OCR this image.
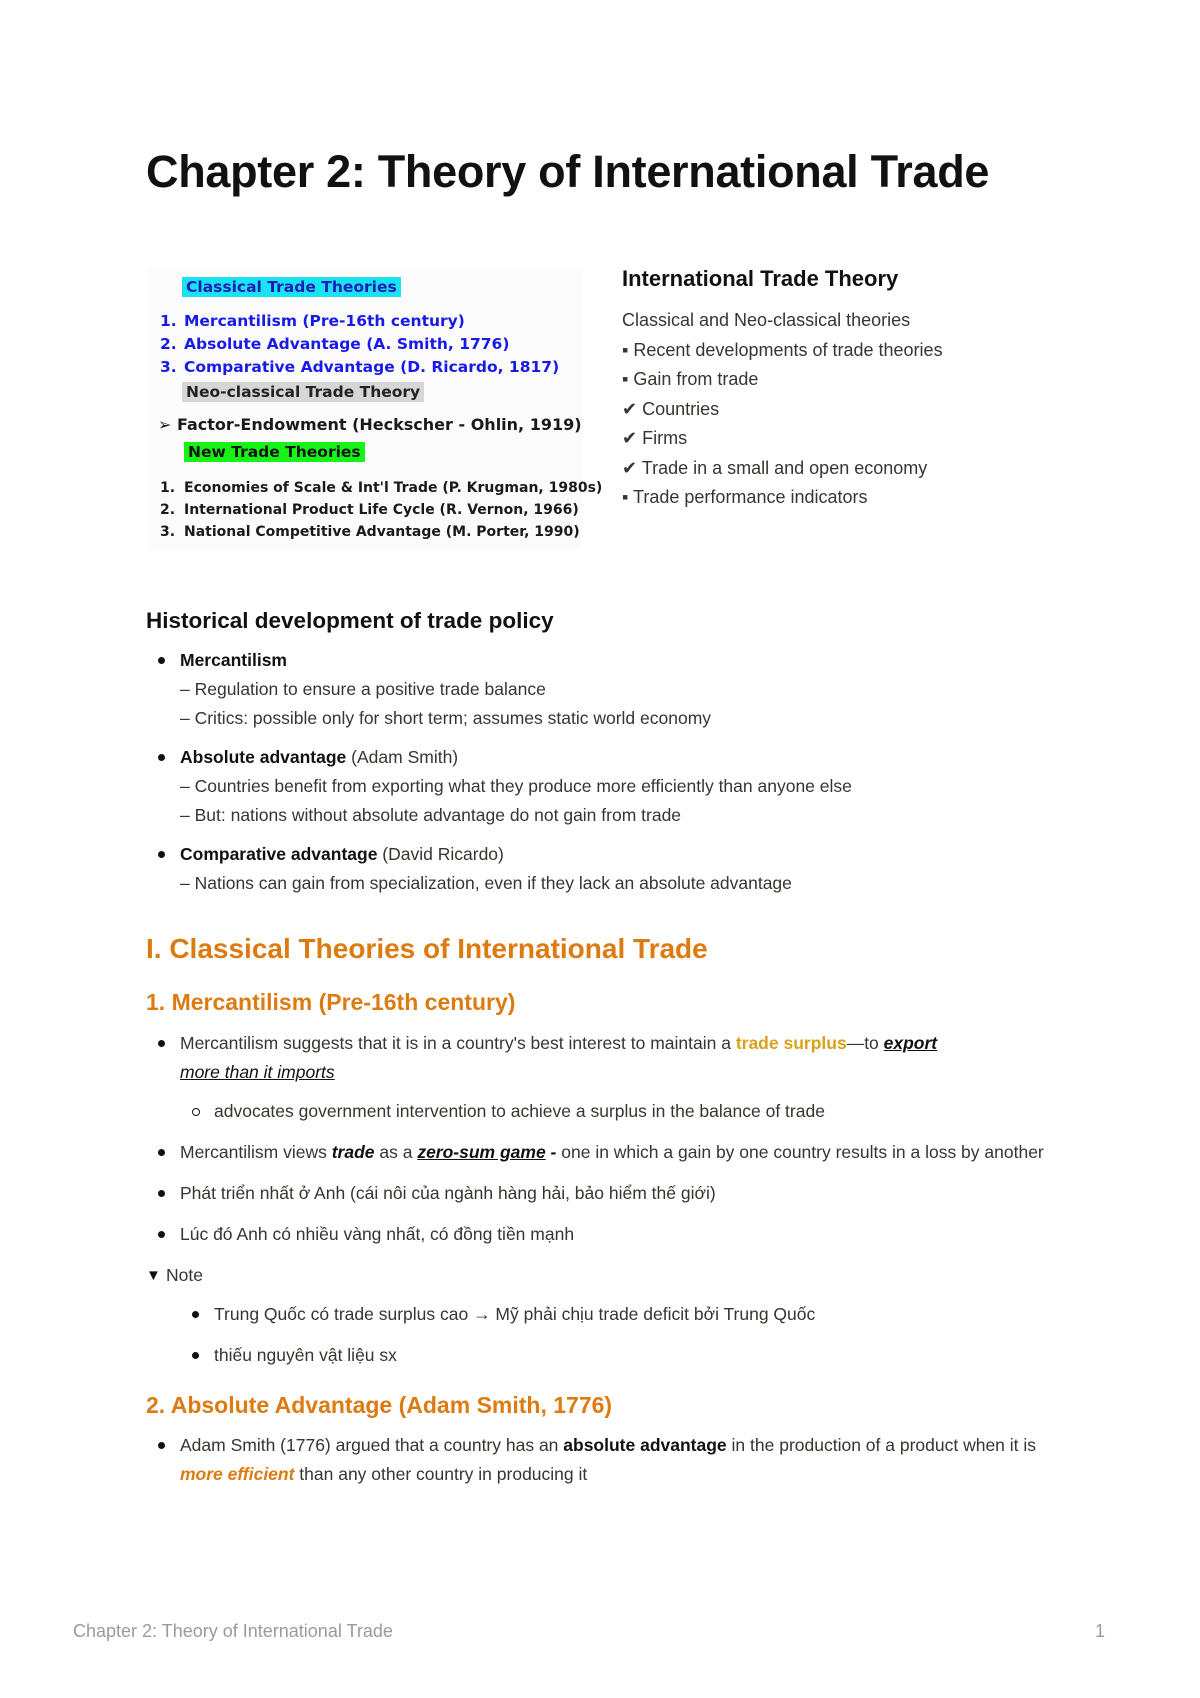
Chapter 2: Theory of International Trade
Classical Trade Theories
1. Mercantilism (Pre-16th century)
2. Absolute Advantage (A. Smith, 1776)
3. Comparative Advantage (D. Ricardo, 1817)
Neo-classical Trade Theory
➢ Factor-Endowment (Heckscher - Ohlin, 1919)
New Trade Theories
1. Economies of Scale & Int'l Trade (P. Krugman, 1980s)
2. International Product Life Cycle (R. Vernon, 1966)
3. National Competitive Advantage (M. Porter, 1990)
International Trade Theory
Classical and Neo-classical theories
▪ Recent developments of trade theories
▪ Gain from trade
✔ Countries
✔ Firms
✔ Trade in a small and open economy
▪ Trade performance indicators
Historical development of trade policy
Mercantilism
– Regulation to ensure a positive trade balance
– Critics: possible only for short term; assumes static world economy
Absolute advantage (Adam Smith)
– Countries benefit from exporting what they produce more efficiently than anyone else
– But: nations without absolute advantage do not gain from trade
Comparative advantage (David Ricardo)
– Nations can gain from specialization, even if they lack an absolute advantage
I. Classical Theories of International Trade
1. Mercantilism (Pre-16th century)
Mercantilism suggests that it is in a country's best interest to maintain a trade surplus—to export
more than it imports
advocates government intervention to achieve a surplus in the balance of trade
Mercantilism views trade as a zero-sum game - one in which a gain by one country results in a loss by another
Phát triển nhất ở Anh (cái nôi của ngành hàng hải, bảo hiểm thế giới)
Lúc đó Anh có nhiều vàng nhất, có đồng tiền mạnh
▼ Note
Trung Quốc có trade surplus cao → Mỹ phải chịu trade deficit bởi Trung Quốc
thiếu nguyên vật liệu sx
2. Absolute Advantage (Adam Smith, 1776)
Adam Smith (1776) argued that a country has an absolute advantage in the production of a product when it is more efficient than any other country in producing it
Chapter 2: Theory of International Trade	1
